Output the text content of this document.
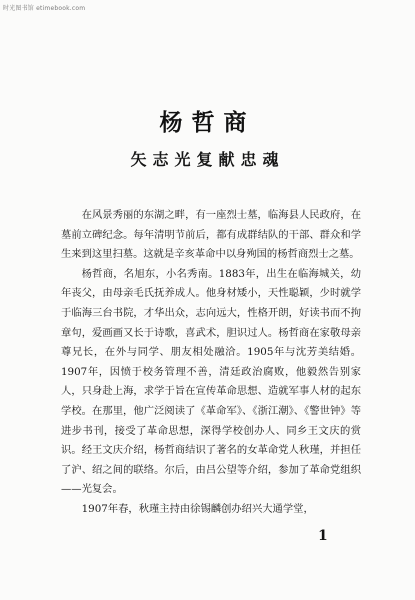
时光图书馆 etimebook.com
杨哲商
矢志光复献忠魂

在风景秀丽的东湖之畔，有一座烈士墓，临海县人民政府，在墓前立碑纪念。每年清明节前后，都有成群结队的干部、群众和学生来到这里扫墓。这就是辛亥革命中以身殉国的杨哲商烈士之墓。

杨哲商，名旭东，小名秀南。1883年，出生在临海城关，幼年丧父，由母亲毛氏抚养成人。他身材矮小，天性聪颖，少时就学于临海三台书院，才华出众，志向远大，性格开朗，好读书而不拘章句，爱画画又长于诗歌，喜武术，胆识过人。杨哲商在家敬母亲尊兄长，在外与同学、朋友相处融洽。1905年与沈芳美结婚。1907年，因愤于校务管理不善，清廷政治腐败，他毅然告别家人，只身赴上海，求学于旨在宣传革命思想、造就军事人材的起东学校。在那里，他广泛阅读了《革命军》、《浙江潮》、《警世钟》等进步书刊，接受了革命思想，深得学校创办人、同乡王文庆的赏识。经王文庆介绍，杨哲商结识了著名的女革命党人秋瑾，并担任了沪、绍之间的联络。尔后，由吕公望等介绍，参加了革命党组织——光复会。

1907年春，秋瑾主持由徐锡麟创办绍兴大通学堂，

1
